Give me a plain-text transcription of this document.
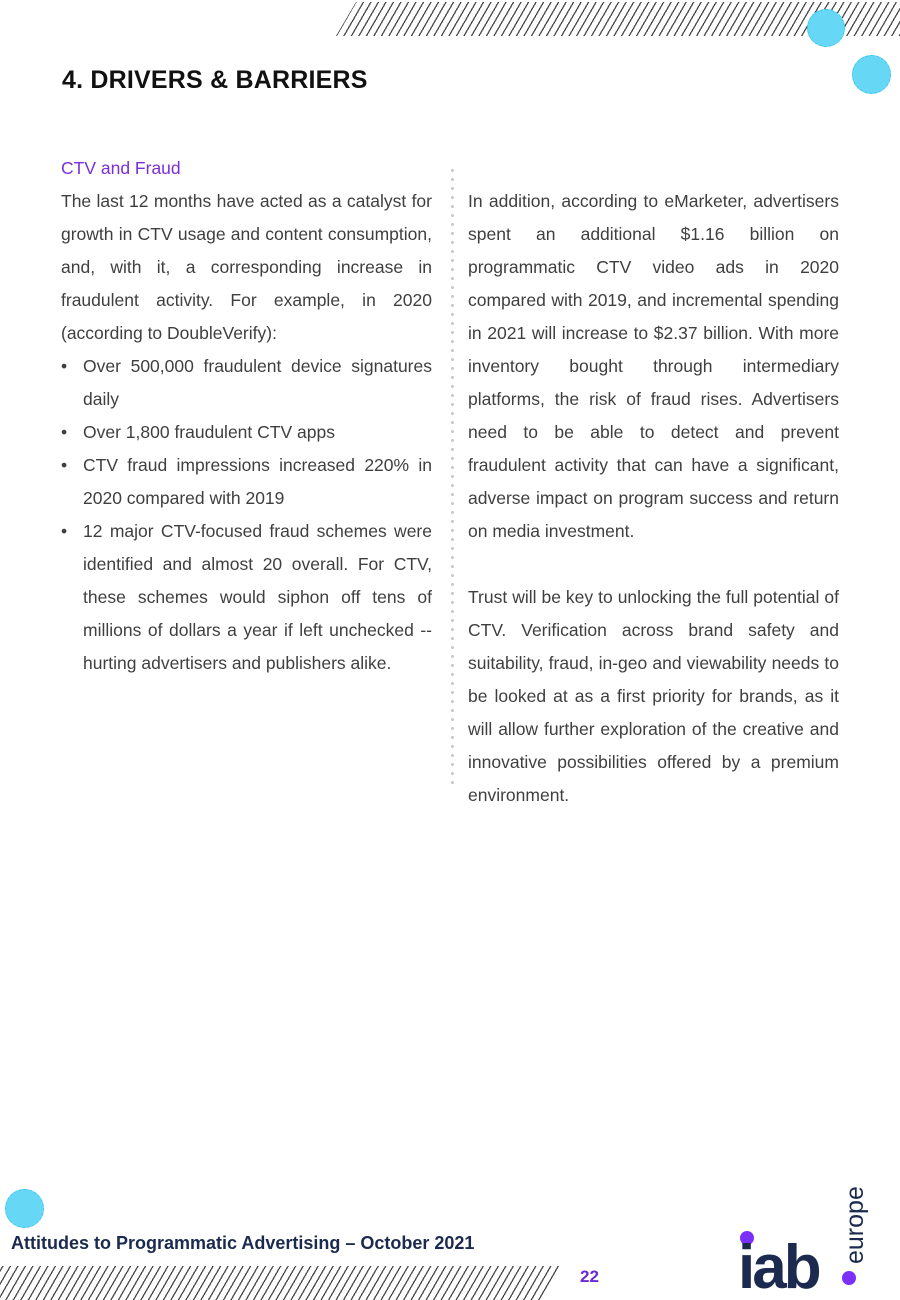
4. DRIVERS & BARRIERS
CTV and Fraud

The last 12 months have acted as a catalyst for growth in CTV usage and content consumption, and, with it, a corresponding increase in fraudulent activity. For example, in 2020 (according to DoubleVerify):

• Over 500,000 fraudulent device signatures daily
• Over 1,800 fraudulent CTV apps
• CTV fraud impressions increased 220% in 2020 compared with 2019
• 12 major CTV-focused fraud schemes were identified and almost 20 overall. For CTV, these schemes would siphon off tens of millions of dollars a year if left unchecked -- hurting advertisers and publishers alike.

In addition, according to eMarketer, advertisers spent an additional $1.16 billion on programmatic CTV video ads in 2020 compared with 2019, and incremental spending in 2021 will increase to $2.37 billion. With more inventory bought through intermediary platforms, the risk of fraud rises. Advertisers need to be able to detect and prevent fraudulent activity that can have a significant, adverse impact on program success and return on media investment.

Trust will be key to unlocking the full potential of CTV. Verification across brand safety and suitability, fraud, in-geo and viewability needs to be looked at as a first priority for brands, as it will allow further exploration of the creative and innovative possibilities offered by a premium environment.

Attitudes to Programmatic Advertising – October 2021
22 iab
europe
